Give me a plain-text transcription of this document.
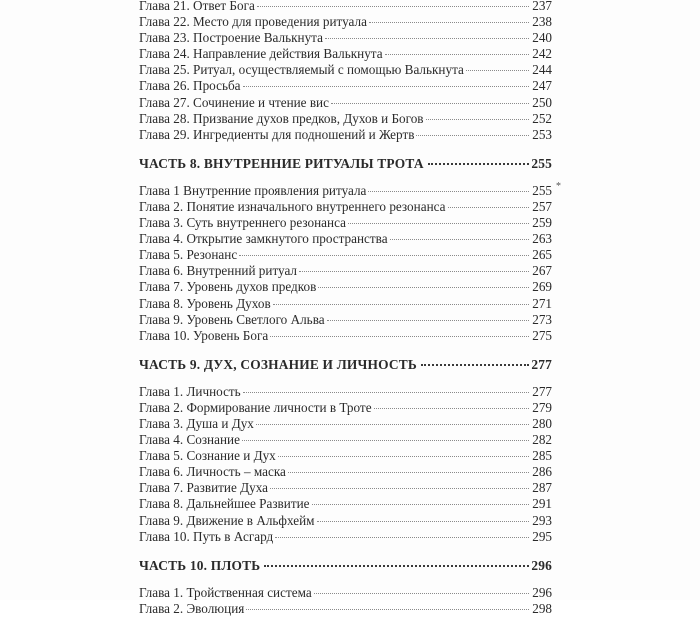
Глава 21. Ответ Бога	237
Глава 22. Место для проведения ритуала	238
Глава 23. Построение Валькнута	240
Глава 24. Направление действия Валькнута	242
Глава 25. Ритуал, осуществляемый с помощью Валькнута	244
Глава 26. Просьба	247
Глава 27. Сочинение и чтение вис	250
Глава 28. Призвание духов предков, Духов и Богов	252
Глава 29. Ингредиенты для подношений и Жертв	253
ЧАСТЬ 8. ВНУТРЕННИЕ РИТУАЛЫ ТРОТА	255
Глава 1 Внутренние проявления ритуала	255
Глава 2. Понятие изначального внутреннего резонанса	257
Глава 3. Суть внутреннего резонанса	259
Глава 4. Открытие замкнутого пространства	263
Глава 5. Резонанс	265
Глава 6. Внутренний ритуал	267
Глава 7. Уровень духов предков	269
Глава 8. Уровень Духов	271
Глава 9. Уровень Светлого Альва	273
Глава 10. Уровень Бога	275
ЧАСТЬ 9. ДУХ, СОЗНАНИЕ И ЛИЧНОСТЬ	277
Глава 1. Личность	277
Глава 2. Формирование личности в Троте	279
Глава 3. Душа и Дух	280
Глава 4. Сознание	282
Глава 5. Сознание и Дух	285
Глава 6. Личность – маска	286
Глава 7. Развитие Духа	287
Глава 8. Дальнейшее Развитие	291
Глава 9. Движение в Альфхейм	293
Глава 10. Путь в Асгард	295
ЧАСТЬ 10. ПЛОТЬ	296
Глава 1. Тройственная система	296
Глава 2. Эволюция	298
*
